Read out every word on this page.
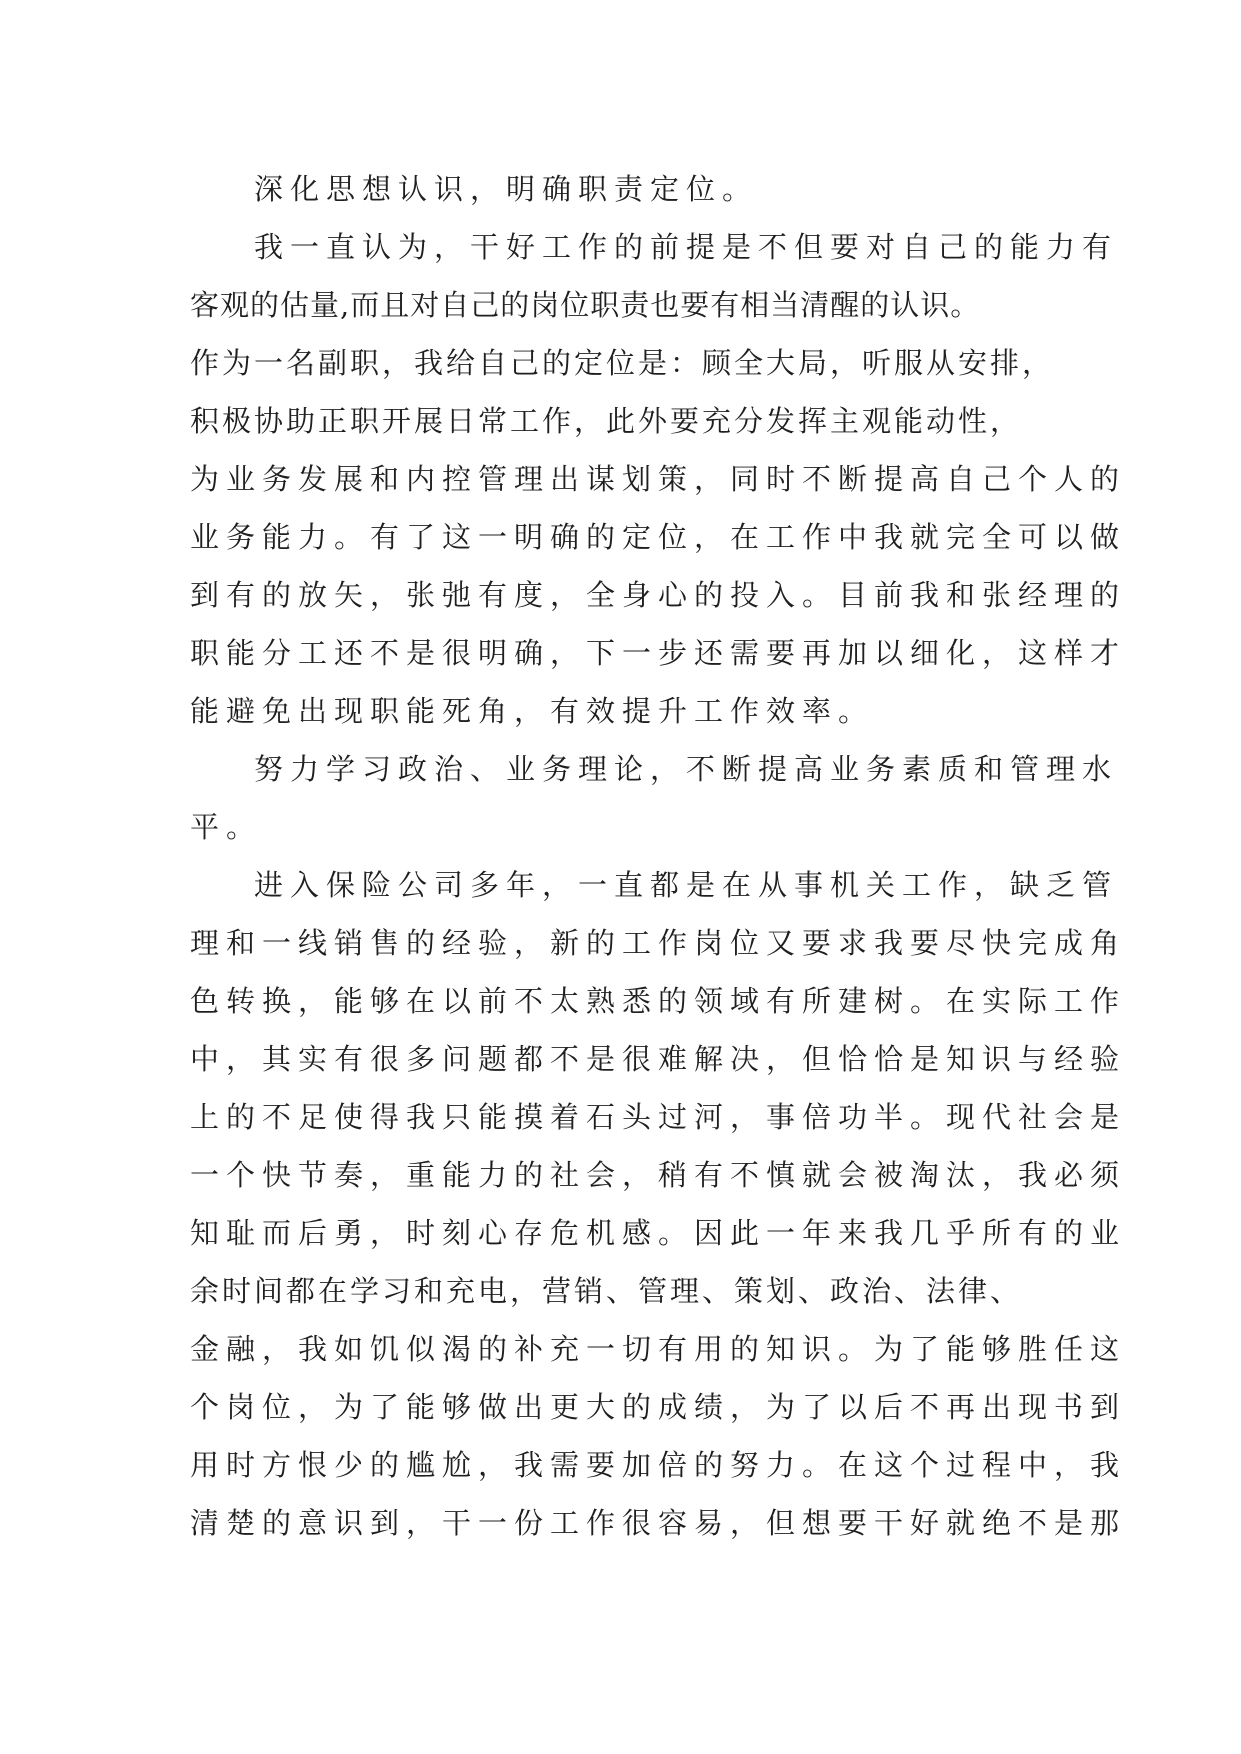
深化思想认识，明确职责定位。
我一直认为，干好工作的前提是不但要对自己的能力有
客观的估量,而且对自己的岗位职责也要有相当清醒的认识。
作为一名副职，我给自己的定位是：顾全大局，听服从安排，
积极协助正职开展日常工作，此外要充分发挥主观能动性，
为业务发展和内控管理出谋划策，同时不断提高自己个人的
业务能力。有了这一明确的定位，在工作中我就完全可以做
到有的放矢，张弛有度，全身心的投入。目前我和张经理的
职能分工还不是很明确，下一步还需要再加以细化，这样才
能避免出现职能死角，有效提升工作效率。
努力学习政治、业务理论，不断提高业务素质和管理水
平。
进入保险公司多年，一直都是在从事机关工作，缺乏管
理和一线销售的经验，新的工作岗位又要求我要尽快完成角
色转换，能够在以前不太熟悉的领域有所建树。在实际工作
中，其实有很多问题都不是很难解决，但恰恰是知识与经验
上的不足使得我只能摸着石头过河，事倍功半。现代社会是
一个快节奏，重能力的社会，稍有不慎就会被淘汰，我必须
知耻而后勇，时刻心存危机感。因此一年来我几乎所有的业
余时间都在学习和充电，营销、管理、策划、政治、法律、
金融，我如饥似渴的补充一切有用的知识。为了能够胜任这
个岗位，为了能够做出更大的成绩，为了以后不再出现书到
用时方恨少的尴尬，我需要加倍的努力。在这个过程中，我
清楚的意识到，干一份工作很容易，但想要干好就绝不是那
